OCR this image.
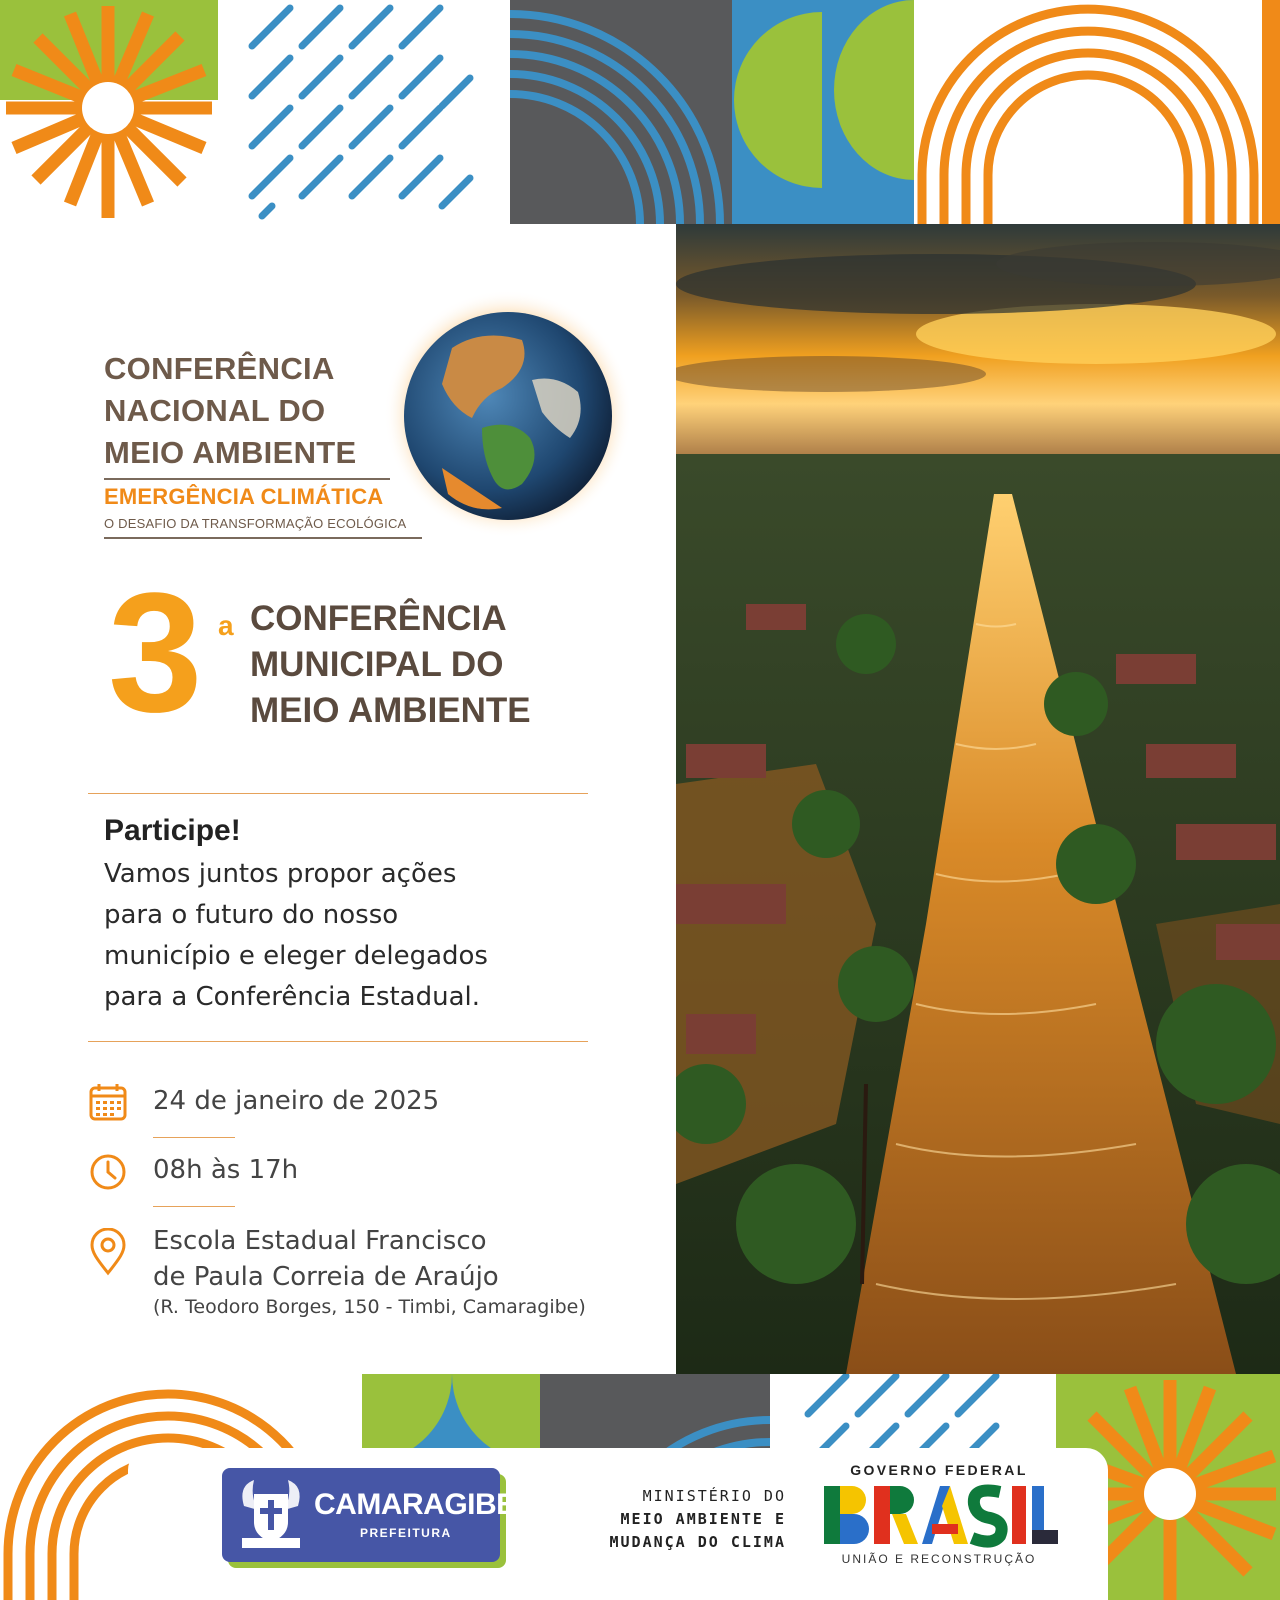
CONFERÊNCIA
NACIONAL DO
MEIO AMBIENTE
EMERGÊNCIA CLIMÁTICA
O DESAFIO DA TRANSFORMAÇÃO ECOLÓGICA
3 a CONFERÊNCIA
MUNICIPAL DO
MEIO AMBIENTE
Participe!
Vamos juntos propor ações
para o futuro do nosso
município e eleger delegados
para a Conferência Estadual.
24 de janeiro de 2025
08h às 17h
Escola Estadual Francisco
de Paula Correia de Araújo
(R. Teodoro Borges, 150 - Timbi, Camaragibe)
CAMARAGIBE
PREFEITURA
MINISTÉRIO DO
MEIO AMBIENTE E
MUDANÇA DO CLIMA
GOVERNO FEDERAL
UNIÃO E RECONSTRUÇÃO
